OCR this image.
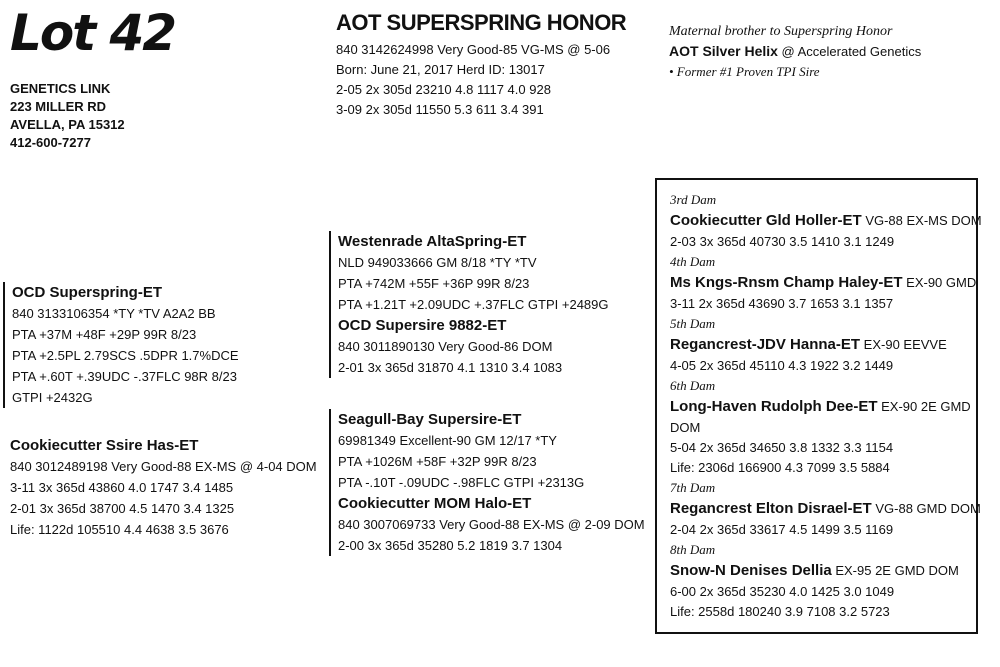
Lot 42
GENETICS LINK
223 MILLER RD
AVELLA, PA 15312
412-600-7277
AOT SUPERSPRING HONOR
840 3142624998 Very Good-85 VG-MS @ 5-06
Born: June 21, 2017 Herd ID: 13017
2-05 2x 305d 23210 4.8 1117 4.0 928
3-09 2x 305d 11550 5.3 611 3.4 391
Maternal brother to Superspring Honor
AOT Silver Helix @ Accelerated Genetics
• Former #1 Proven TPI Sire
OCD Superspring-ET
840 3133106354 *TY *TV A2A2 BB
PTA +37M +48F +29P 99R 8/23
PTA +2.5PL 2.79SCS .5DPR 1.7%DCE
PTA +.60T +.39UDC -.37FLC 98R 8/23
GTPI +2432G
Cookiecutter Ssire Has-ET
840 3012489198 Very Good-88 EX-MS @ 4-04 DOM
3-11 3x 365d 43860 4.0 1747 3.4 1485
2-01 3x 365d 38700 4.5 1470 3.4 1325
Life: 1122d 105510 4.4 4638 3.5 3676
Westenrade AltaSpring-ET
NLD 949033666 GM 8/18 *TY *TV
PTA +742M +55F +36P 99R 8/23
PTA +1.21T +2.09UDC +.37FLC GTPI +2489G
OCD Supersire 9882-ET
840 3011890130 Very Good-86 DOM
2-01 3x 365d 31870 4.1 1310 3.4 1083
Seagull-Bay Supersire-ET
69981349 Excellent-90 GM 12/17 *TY
PTA +1026M +58F +32P 99R 8/23
PTA -.10T -.09UDC -.98FLC GTPI +2313G
Cookiecutter MOM Halo-ET
840 3007069733 Very Good-88 EX-MS @ 2-09 DOM
2-00 3x 365d 35280 5.2 1819 3.7 1304
3rd Dam
Cookiecutter Gld Holler-ET VG-88 EX-MS DOM
2-03 3x 365d 40730 3.5 1410 3.1 1249
4th Dam
Ms Kngs-Rnsm Champ Haley-ET EX-90 GMD
3-11 2x 365d 43690 3.7 1653 3.1 1357
5th Dam
Regancrest-JDV Hanna-ET EX-90 EEVVE
4-05 2x 365d 45110 4.3 1922 3.2 1449
6th Dam
Long-Haven Rudolph Dee-ET EX-90 2E GMD
DOM
5-04 2x 365d 34650 3.8 1332 3.3 1154
Life: 2306d 166900 4.3 7099 3.5 5884
7th Dam
Regancrest Elton Disrael-ET VG-88 GMD DOM
2-04 2x 365d 33617 4.5 1499 3.5 1169
8th Dam
Snow-N Denises Dellia EX-95 2E GMD DOM
6-00 2x 365d 35230 4.0 1425 3.0 1049
Life: 2558d 180240 3.9 7108 3.2 5723
